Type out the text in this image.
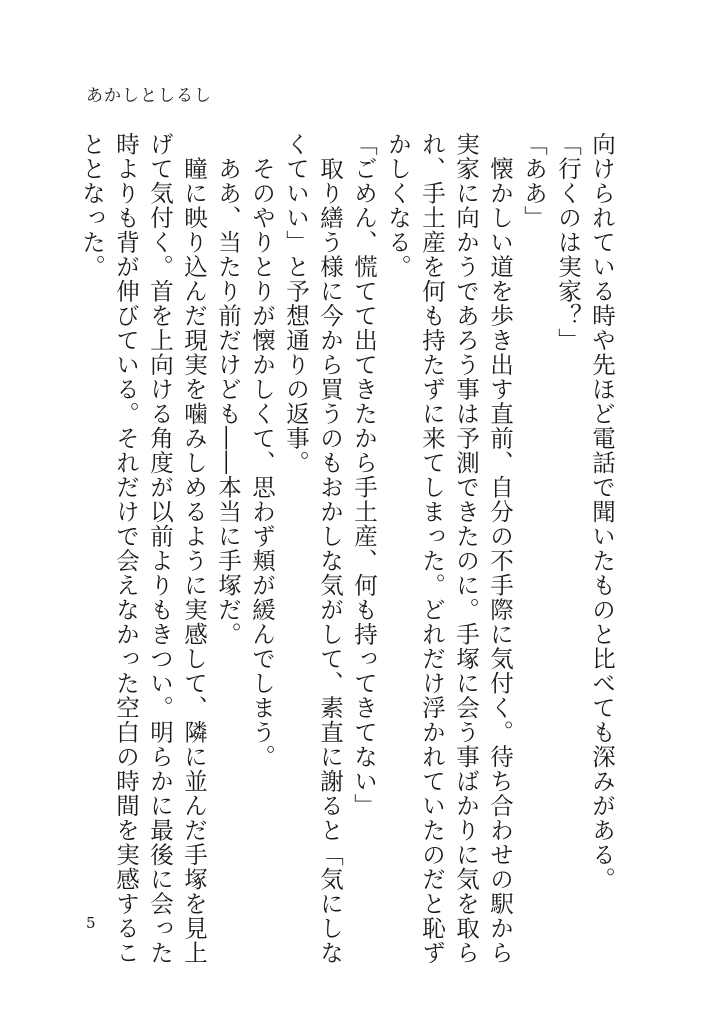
あかしとしるし

向けられている時や先ほど電話で聞いたものと比べても深みがある。

「行くのは実家？」

「ああ」

　懐かしい道を歩き出す直前、自分の不手際に気付く。待ち合わせの駅から

実家に向かうであろう事は予測できたのに。手塚に会う事ばかりに気を取ら

れ、手土産を何も持たずに来てしまった。どれだけ浮かれていたのだと恥ず

かしくなる。

「ごめん、慌てて出てきたから手土産、何も持ってきてない」

　取り繕う様に今から買うのもおかしな気がして、素直に謝ると「気にしな

くていい」と予想通りの返事。

　そのやりとりが懐かしくて、思わず頬が緩んでしまう。

　ああ、当たり前だけども――本当に手塚だ。

　瞳に映り込んだ現実を噛みしめるように実感して、隣に並んだ手塚を見上

げて気付く。首を上向ける角度が以前よりもきつい。明らかに最後に会った

時よりも背が伸びている。それだけで会えなかった空白の時間を実感するこ

ととなった。

5
